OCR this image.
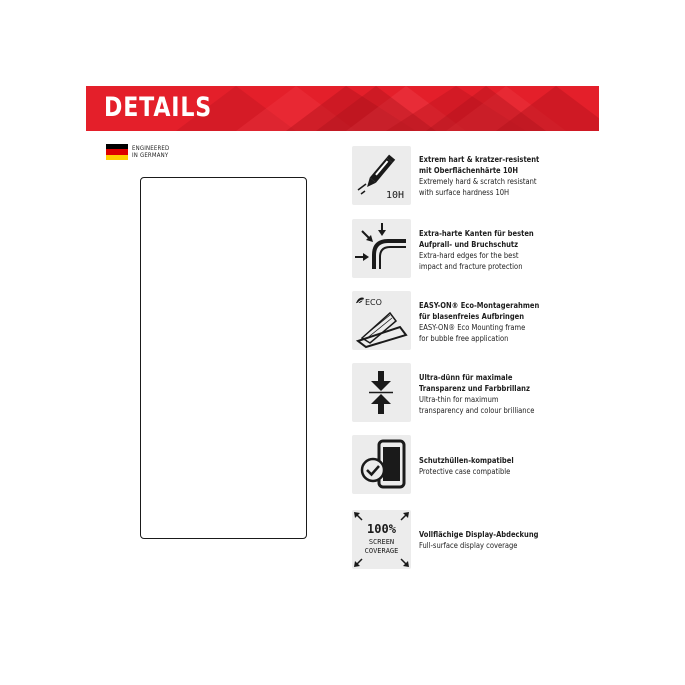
DETAILS
ENGINEERED
IN GERMANY
10H
Extrem hart & kratzer-resistent
mit Oberflächenhärte 10H
Extremely hard & scratch resistant
with surface hardness 10H
Extra-harte Kanten für besten
Aufprall- und Bruchschutz
Extra-hard edges for the best
impact and fracture protection
ECO	EASY-ON® Eco-Montagerahmen
für blasenfreies Aufbringen
EASY-ON® Eco Mounting frame
for bubble free application
Ultra-dünn für maximale
Transparenz und Farbbrillanz
Ultra-thin for maximum
transparency and colour brilliance
Schutzhüllen-kompatibel
Protective case compatible
100%
SCREEN
COVERAGE
Vollflächige Display-Abdeckung
Full-surface display coverage
